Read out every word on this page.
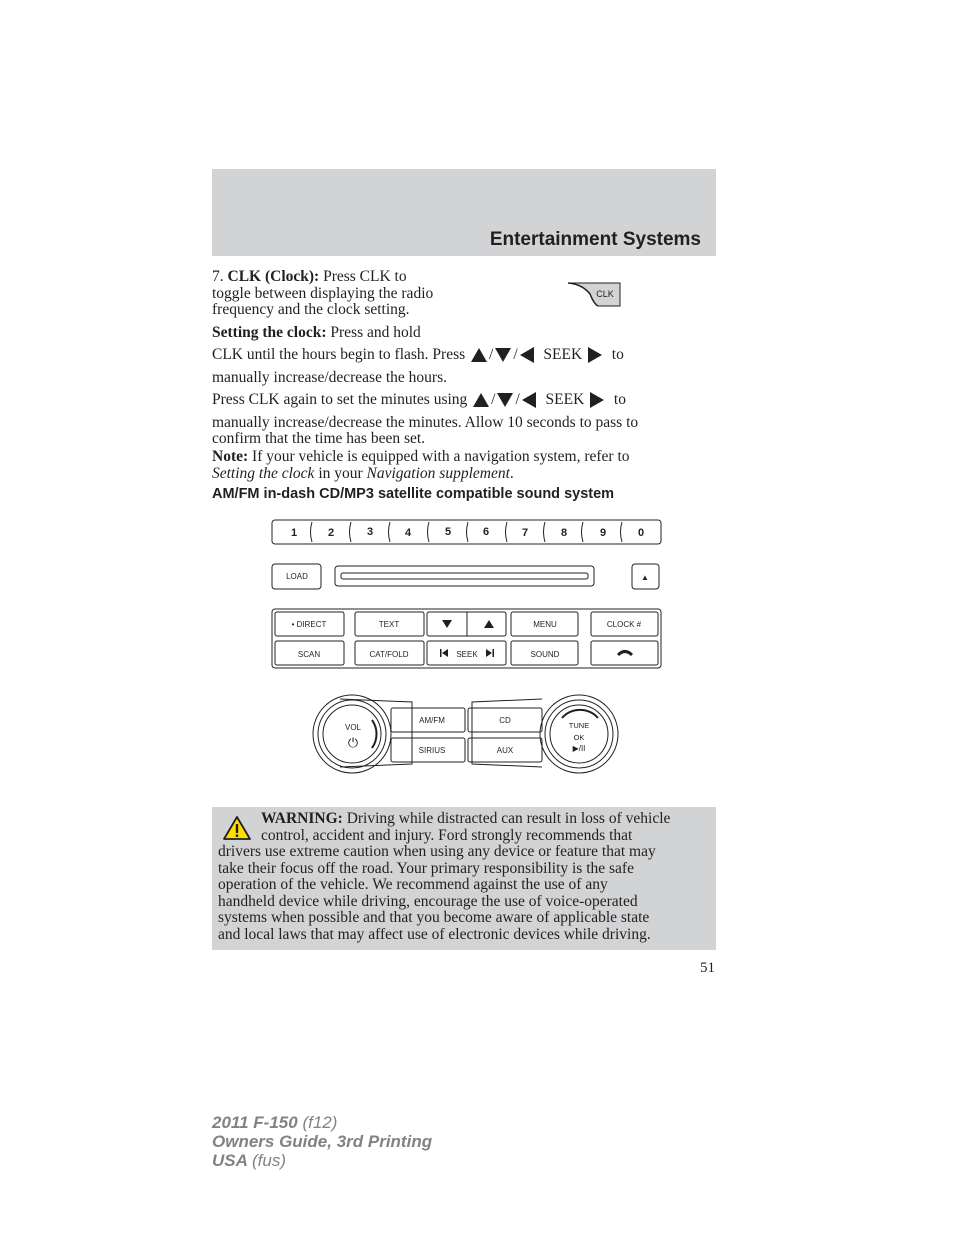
Entertainment Systems
7. CLK (Clock): Press CLK to
toggle between displaying the radio
frequency and the clock setting.
CLK
Setting the clock: Press and hold
CLK until the hours begin to flash. Press / / SEEK to
manually increase/decrease the hours.
Press CLK again to set the minutes using / / SEEK to
manually increase/decrease the minutes. Allow 10 seconds to pass to
confirm that the time has been set.
Note: If your vehicle is equipped with a navigation system, refer to
Setting the clock in your Navigation supplement.
AM/FM in-dash CD/MP3 satellite compatible sound system
1	2	3	4	5	6	7	8	9	0
LOAD	▲
• DIRECT	TEXT	MENU	CLOCK #
SCAN	CAT/FOLD	SEEK	SOUND
VOL
⏻
AM/FM	CD
SIRIUS	AUX
TUNE
OK
▶/II
WARNING: Driving while distracted can result in loss of vehicle
control, accident and injury. Ford strongly recommends that
drivers use extreme caution when using any device or feature that may
take their focus off the road. Your primary responsibility is the safe
operation of the vehicle. We recommend against the use of any
handheld device while driving, encourage the use of voice-operated
systems when possible and that you become aware of applicable state
and local laws that may affect use of electronic devices while driving.
51
2011 F-150 (f12)
Owners Guide, 3rd Printing
USA (fus)
